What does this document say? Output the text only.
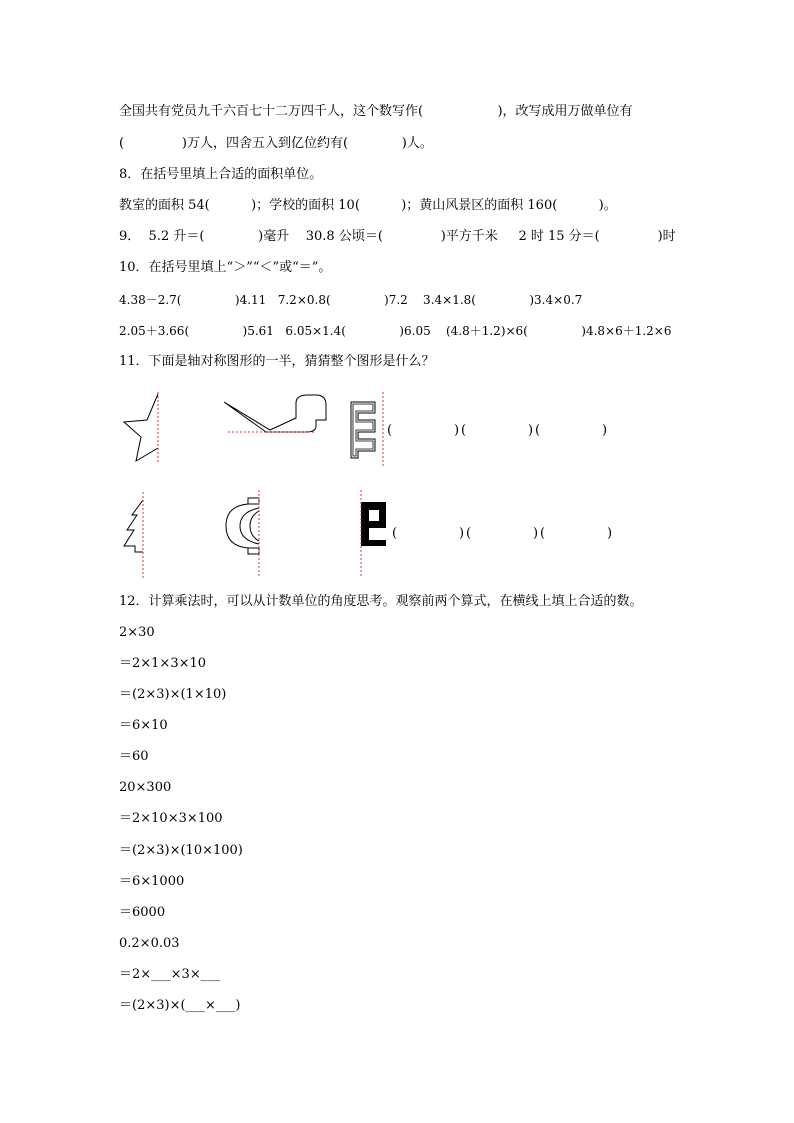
全国共有党员九千六百七十二万四千人，这个数写作(                  )，改写成用万做单位有
(              )万人，四舍五入到亿位约有(             )人。
8．在括号里填上合适的面积单位。
教室的面积 54(          )；学校的面积 10(          )；黄山风景区的面积 160(          )。
9．  5.2 升＝(             )毫升    30.8 公顷＝(              )平方千米     2 时 15 分＝(              )时
10．在括号里填上“＞”“＜”或“＝”。
4.38－2.7(              )4.11   7.2×0.8(              )7.2    3.4×1.8(              )3.4×0.7
2.05＋3.66(              )5.61   6.05×1.4(              )6.05    (4.8＋1.2)×6(              )4.8×6＋1.2×6
11．下面是轴对称图形的一半，猜猜整个图形是什么？
(               ) (               ) (               )
(               ) (               ) (               )
12．计算乘法时，可以从计数单位的角度思考。观察前两个算式，在横线上填上合适的数。
2×30
＝2×1×3×10
＝(2×3)×(1×10)
＝6×10
＝60
20×300
＝2×10×3×100
＝(2×3)×(10×100)
＝6×1000
＝6000
0.2×0.03
＝2×___×3×___
＝(2×3)×(___×___)
